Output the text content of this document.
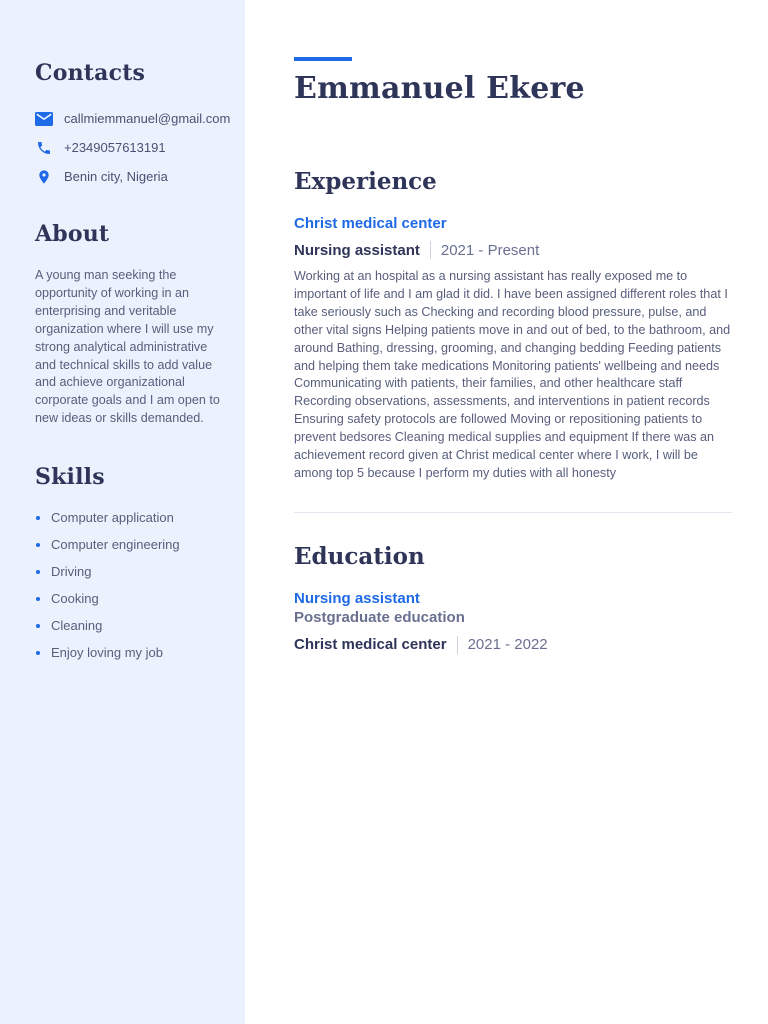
Contacts
callmiemmanuel@gmail.com
+2349057613191
Benin city, Nigeria
About

A young man seeking the opportunity of working in an enterprising and veritable organization where I will use my strong analytical administrative and technical skills to add value and achieve organizational corporate goals and I am open to new ideas or skills demanded.

Skills
Computer application
Computer engineering
Driving
Cooking
Cleaning
Enjoy loving my job
Emmanuel Ekere
Experience
Christ medical center
Nursing assistant 2021 - Present

Working at an hospital as a nursing assistant has really exposed me to important of life and I am glad it did. I have been assigned different roles that I take seriously such as Checking and recording blood pressure, pulse, and other vital signs Helping patients move in and out of bed, to the bathroom, and around Bathing, dressing, grooming, and changing bedding Feeding patients and helping them take medications Monitoring patients' wellbeing and needs Communicating with patients, their families, and other healthcare staff Recording observations, assessments, and interventions in patient records Ensuring safety protocols are followed Moving or repositioning patients to prevent bedsores Cleaning medical supplies and equipment If there was an achievement record given at Christ medical center where I work, I will be among top 5 because I perform my duties with all honesty

Education
Nursing assistant
Postgraduate education
Christ medical center 2021 - 2022
